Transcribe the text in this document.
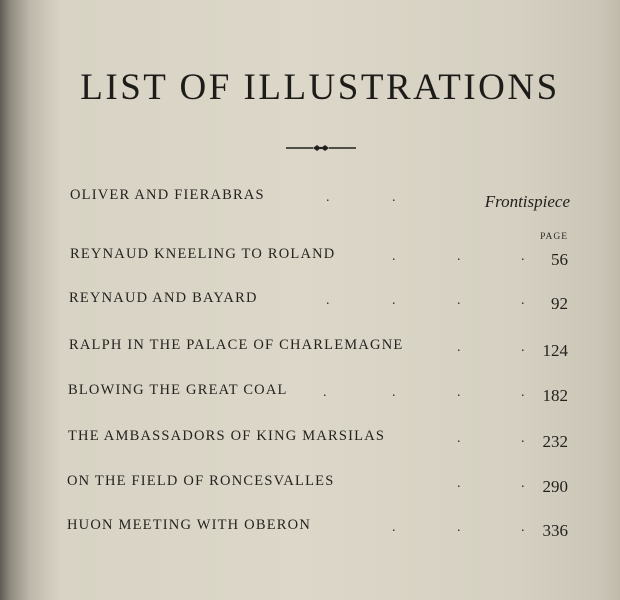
LIST OF ILLUSTRATIONS
OLIVER AND FIERABRAS	.	.	Frontispiece
PAGE
REYNAUD KNEELING TO ROLAND	.	.	. 56
REYNAUD AND BAYARD	.	.	.	. 92
RALPH IN THE PALACE OF CHARLEMAGNE	.	. 124
BLOWING THE GREAT COAL	.	.	.	. 182
THE AMBASSADORS OF KING MARSILAS	.	. 232
ON THE FIELD OF RONCESVALLES	.	. 290
HUON MEETING WITH OBERON	.	.	. 336
